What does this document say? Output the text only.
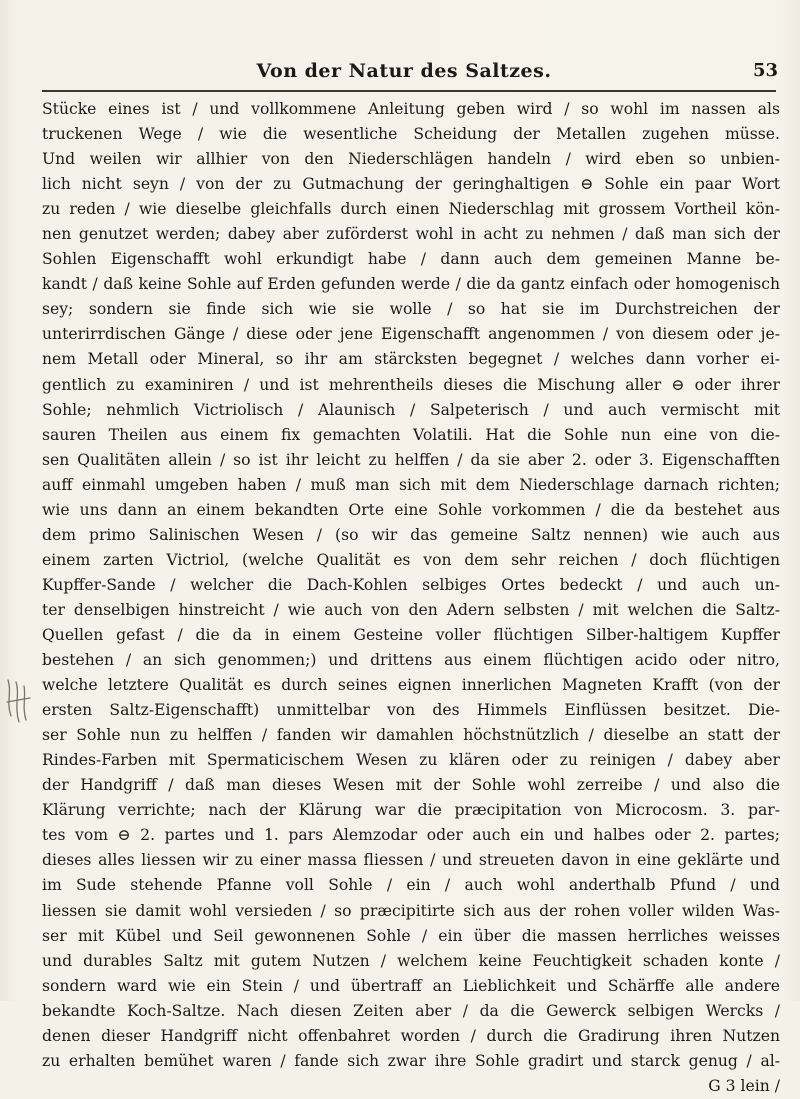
Von der Natur des Saltzes.	53
Stücke eines ist / und vollkommene Anleitung geben wird / so wohl im nassen als
truckenen Wege / wie die wesentliche Scheidung der Metallen zugehen müsse.
Und weilen wir allhier von den Niederschlägen handeln / wird eben so unbien-
lich nicht seyn / von der zu Gutmachung der geringhaltigen ⊖ Sohle ein paar Wort
zu reden / wie dieselbe gleichfalls durch einen Niederschlag mit grossem Vortheil kön-
nen genutzet werden; dabey aber zuförderst wohl in acht zu nehmen / daß man sich der
Sohlen Eigenschafft wohl erkundigt habe / dann auch dem gemeinen Manne be-
kandt / daß keine Sohle auf Erden gefunden werde / die da gantz einfach oder homogenisch
sey; sondern sie finde sich wie sie wolle / so hat sie im Durchstreichen der
unterirrdischen Gänge / diese oder jene Eigenschafft angenommen / von diesem oder je-
nem Metall oder Mineral, so ihr am stärcksten begegnet / welches dann vorher ei-
gentlich zu examiniren / und ist mehrentheils dieses die Mischung aller ⊖ oder ihrer
Sohle; nehmlich Victriolisch / Alaunisch / Salpeterisch / und auch vermischt mit
sauren Theilen aus einem fix gemachten Volatili. Hat die Sohle nun eine von die-
sen Qualitäten allein / so ist ihr leicht zu helffen / da sie aber 2. oder 3. Eigenschafften
auff einmahl umgeben haben / muß man sich mit dem Niederschlage darnach richten;
wie uns dann an einem bekandten Orte eine Sohle vorkommen / die da bestehet aus
dem primo Salinischen Wesen / (so wir das gemeine Saltz nennen) wie auch aus
einem zarten Victriol, (welche Qualität es von dem sehr reichen / doch flüchtigen
Kupffer-Sande / welcher die Dach-Kohlen selbiges Ortes bedeckt / und auch un-
ter denselbigen hinstreicht / wie auch von den Adern selbsten / mit welchen die Saltz-
Quellen gefast / die da in einem Gesteine voller flüchtigen Silber-haltigem Kupffer
bestehen / an sich genommen;) und drittens aus einem flüchtigen acido oder nitro,
welche letztere Qualität es durch seines eignen innerlichen Magneten Krafft (von der
ersten Saltz-Eigenschafft) unmittelbar von des Himmels Einflüssen besitzet. Die-
ser Sohle nun zu helffen / fanden wir damahlen höchstnützlich / dieselbe an statt der
Rindes-Farben mit Spermaticischem Wesen zu klären oder zu reinigen / dabey aber
der Handgriff / daß man dieses Wesen mit der Sohle wohl zerreibe / und also die
Klärung verrichte; nach der Klärung war die præcipitation von Microcosm. 3. par-
tes vom ⊖ 2. partes und 1. pars Alemzodar oder auch ein und halbes oder 2. partes;
dieses alles liessen wir zu einer massa fliessen / und streueten davon in eine geklärte und
im Sude stehende Pfanne voll Sohle / ein / auch wohl anderthalb Pfund / und
liessen sie damit wohl versieden / so præcipitirte sich aus der rohen voller wilden Was-
ser mit Kübel und Seil gewonnenen Sohle / ein über die massen herrliches weisses
und durables Saltz mit gutem Nutzen / welchem keine Feuchtigkeit schaden konte /
sondern ward wie ein Stein / und übertraff an Lieblichkeit und Schärffe alle andere
bekandte Koch-Saltze. Nach diesen Zeiten aber / da die Gewerck selbigen Wercks /
denen dieser Handgriff nicht offenbahret worden / durch die Gradirung ihren Nutzen
zu erhalten bemühet waren / fande sich zwar ihre Sohle gradirt und starck genug / al-
G 3 lein /
